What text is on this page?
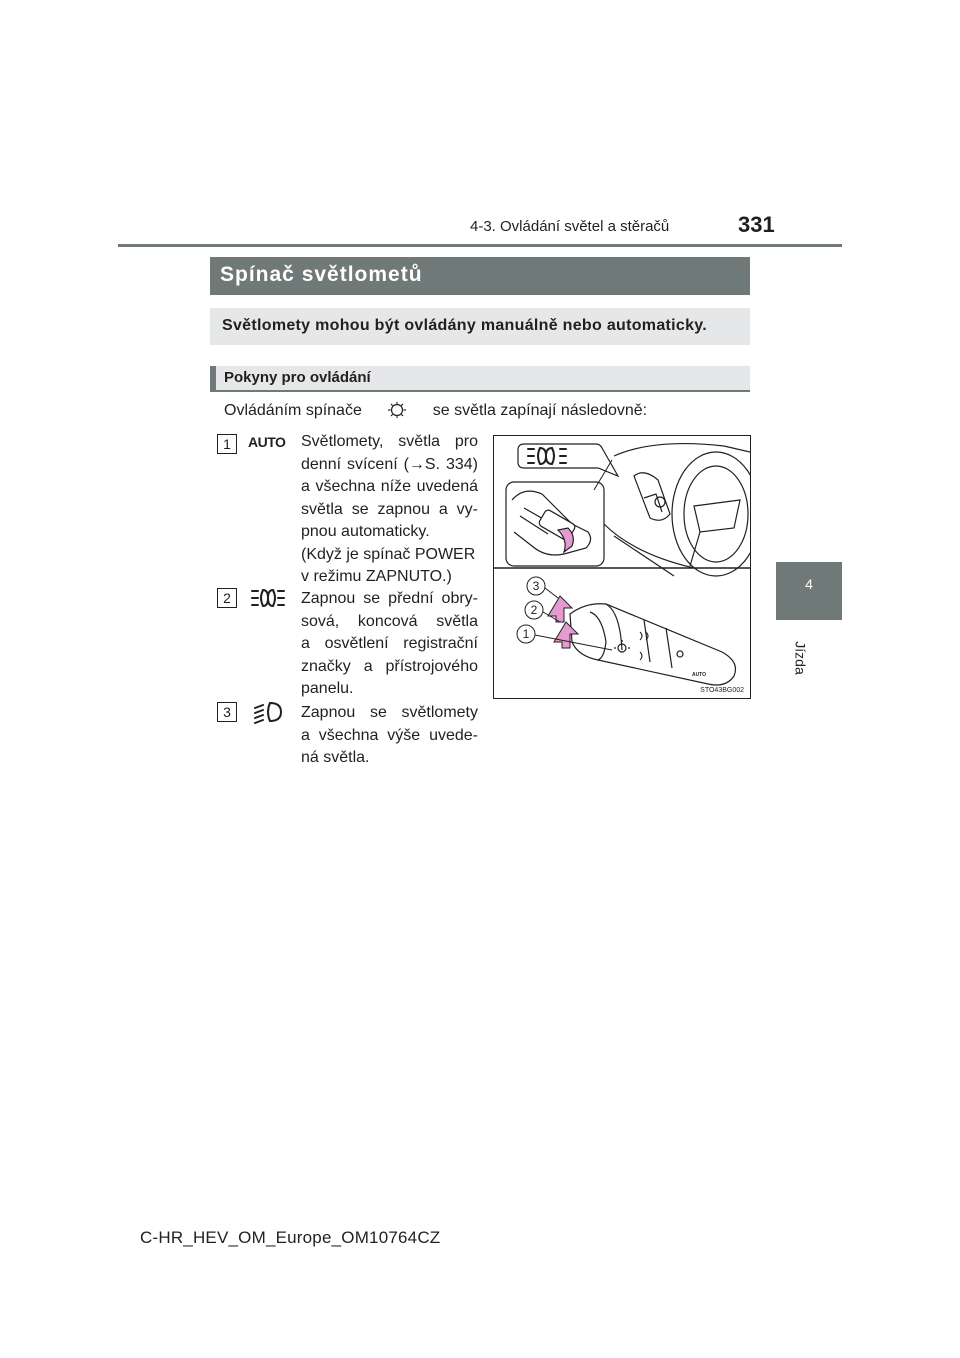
4-3. Ovládání světel a stěračů	331
4
Jízda
Spínač světlometů
Světlomety mohou být ovládány manuálně nebo automaticky.
Pokyny pro ovládání
Ovládáním spínače	se světla zapínají následovně:
1	AUTO Světlomety, světla pro
denní svícení (→S. 334)
a všechna níže uvedená
světla se zapnou a vy-
pnou automaticky.
(Když je spínač POWER
v režimu ZAPNUTO.)
2	Zapnou se přední obry-
sová, koncová světla
a osvětlení registrační
značky a přístrojového
panelu.
3	Zapnou se světlomety
a všechna výše uvede-
ná světla.
3
2
1
AUTO
STO43BG002
C-HR_HEV_OM_Europe_OM10764CZ
